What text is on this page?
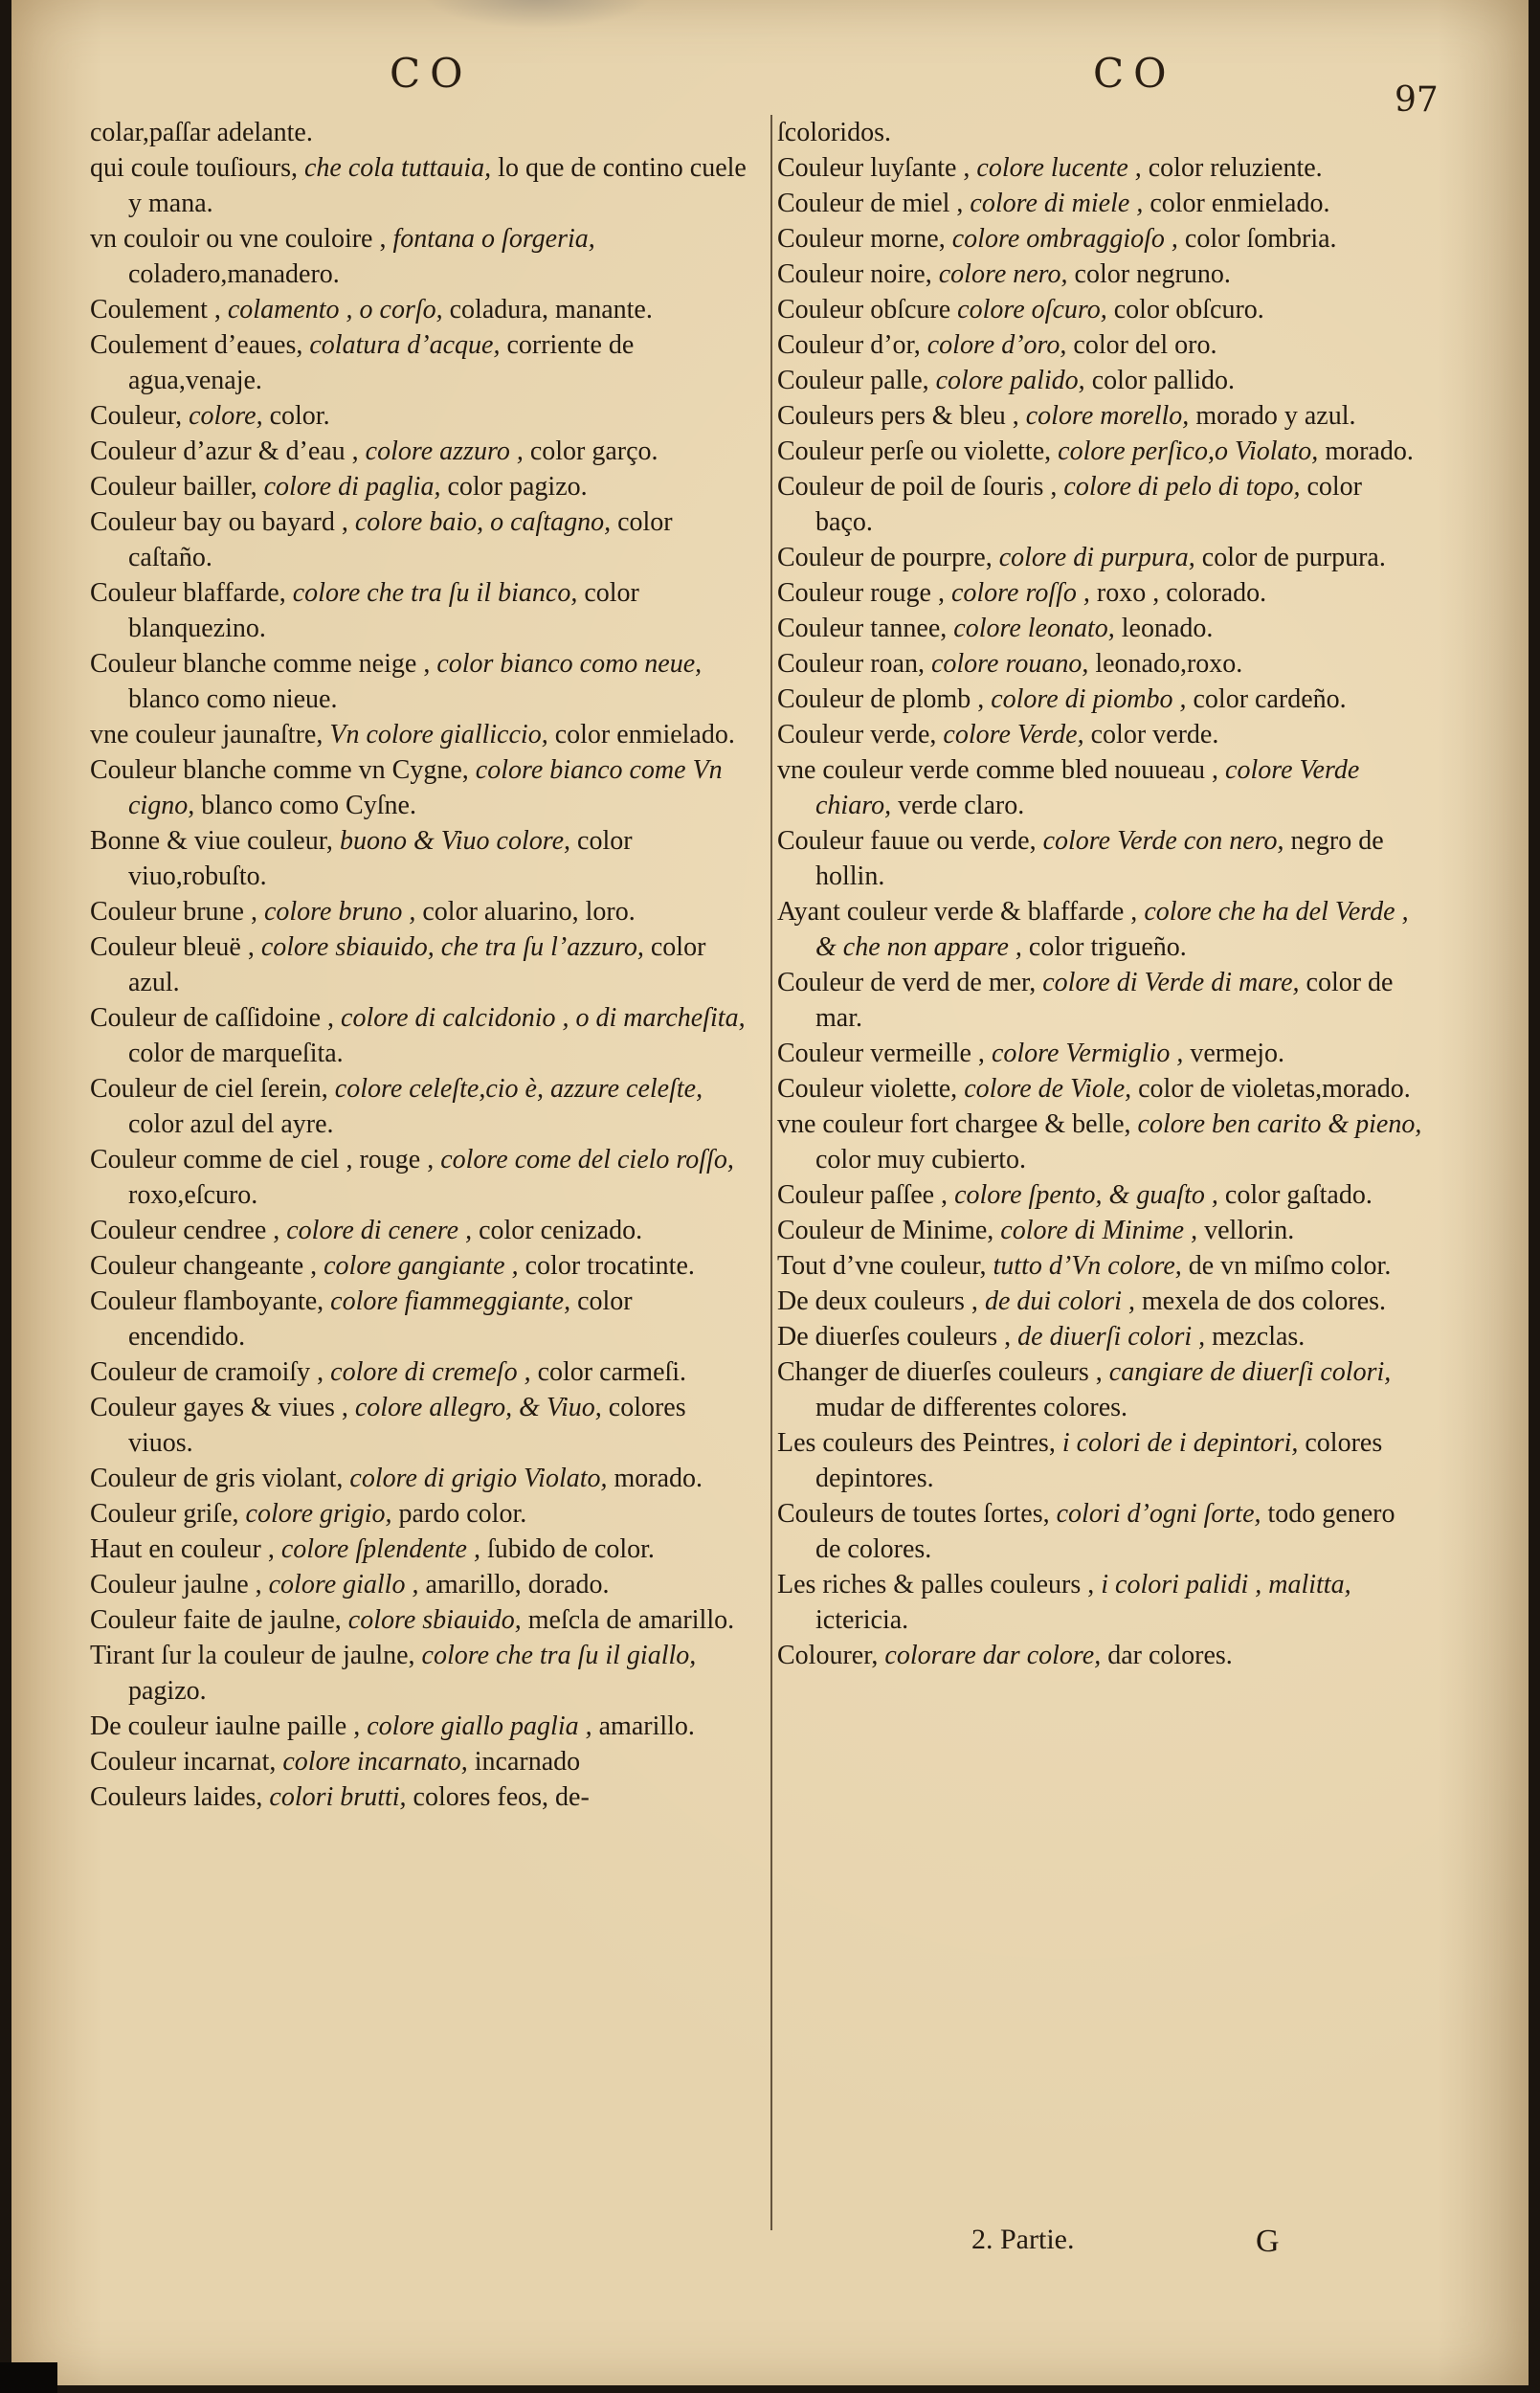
CO	CO
97

colar,paſſar adelante.

qui coule touſiours, che cola tuttauia, lo que de contino cuele y mana.

vn couloir ou vne couloire , fontana o ſorgeria, coladero,manadero.

Coulement , colamento , o corſo, coladura, manante.

Coulement d’eaues, colatura d’acque, corriente de agua,venaje.

Couleur, colore, color.

Couleur d’azur & d’eau , colore azzuro , color garço.

Couleur bailler, colore di paglia, color pagizo.

Couleur bay ou bayard , colore baio, o caſtagno, color caſtaño.

Couleur blaffarde, colore che tra ſu il bianco, color blanquezino.

Couleur blanche comme neige , color bianco como neue, blanco como nieue.

vne couleur jaunaſtre, Vn colore gialliccio, color enmielado.

Couleur blanche comme vn Cygne, colore bianco come Vn cigno, blanco como Cyſne.

Bonne & viue couleur, buono & Viuo colore, color viuo,robuſto.

Couleur brune , colore bruno , color aluarino, loro.

Couleur bleuë , colore sbiauido, che tra ſu l’azzuro, color azul.

Couleur de caſſidoine , colore di calcidonio , o di marcheſita, color de marqueſita.

Couleur de ciel ſerein, colore celeſte,cio è, azzure celeſte, color azul del ayre.

Couleur comme de ciel , rouge , colore come del cielo roſſo, roxo,eſcuro.

Couleur cendree , colore di cenere , color cenizado.

Couleur changeante , colore gangiante , color trocatinte.

Couleur flamboyante, colore fiammeggiante, color encendido.

Couleur de cramoiſy , colore di cremeſo , color carmeſi.

Couleur gayes & viues , colore allegro, & Viuo, colores viuos.

Couleur de gris violant, colore di grigio Violato, morado.

Couleur griſe, colore grigio, pardo color.

Haut en couleur , colore ſplendente , ſubido de color.

Couleur jaulne , colore giallo , amarillo, dorado.

Couleur faite de jaulne, colore sbiauido, meſcla de amarillo.

Tirant ſur la couleur de jaulne, colore che tra ſu il giallo, pagizo.

De couleur iaulne paille , colore giallo paglia , amarillo.

Couleur incarnat, colore incarnato, incarnado

Couleurs laides, colori brutti, colores feos, de-

ſcoloridos.

Couleur luyſante , colore lucente , color reluziente.

Couleur de miel , colore di miele , color enmielado.

Couleur morne, colore ombraggioſo , color ſombria.

Couleur noire, colore nero, color negruno.

Couleur obſcure colore oſcuro, color obſcuro.

Couleur d’or, colore d’oro, color del oro.

Couleur palle, colore palido, color pallido.

Couleurs pers & bleu , colore morello, morado y azul.

Couleur perſe ou violette, colore perſico,o Violato, morado.

Couleur de poil de ſouris , colore di pelo di topo, color baço.

Couleur de pourpre, colore di purpura, color de purpura.

Couleur rouge , colore roſſo , roxo , colorado.

Couleur tannee, colore leonato, leonado.

Couleur roan, colore rouano, leonado,roxo.

Couleur de plomb , colore di piombo , color cardeño.

Couleur verde, colore Verde, color verde.

vne couleur verde comme bled nouueau , colore Verde chiaro, verde claro.

Couleur fauue ou verde, colore Verde con nero, negro de hollin.

Ayant couleur verde & blaffarde , colore che ha del Verde , & che non appare , color trigueño.

Couleur de verd de mer, colore di Verde di mare, color de mar.

Couleur vermeille , colore Vermiglio , vermejo.

Couleur violette, colore de Viole, color de violetas,morado.

vne couleur fort chargee & belle, colore ben carito & pieno, color muy cubierto.

Couleur paſſee , colore ſpento, & guaſto , color gaſtado.

Couleur de Minime, colore di Minime , vellorin.

Tout d’vne couleur, tutto d’Vn colore, de vn miſmo color.

De deux couleurs , de dui colori , mexela de dos colores.

De diuerſes couleurs , de diuerſi colori , mezclas.

Changer de diuerſes couleurs , cangiare de diuerſi colori, mudar de differentes colores.

Les couleurs des Peintres, i colori de i depintori, colores depintores.

Couleurs de toutes ſortes, colori d’ogni ſorte, todo genero de colores.

Les riches & palles couleurs , i colori palidi , malitta, ictericia.

Colourer, colorare dar colore, dar colores.

2. Partie.	G
